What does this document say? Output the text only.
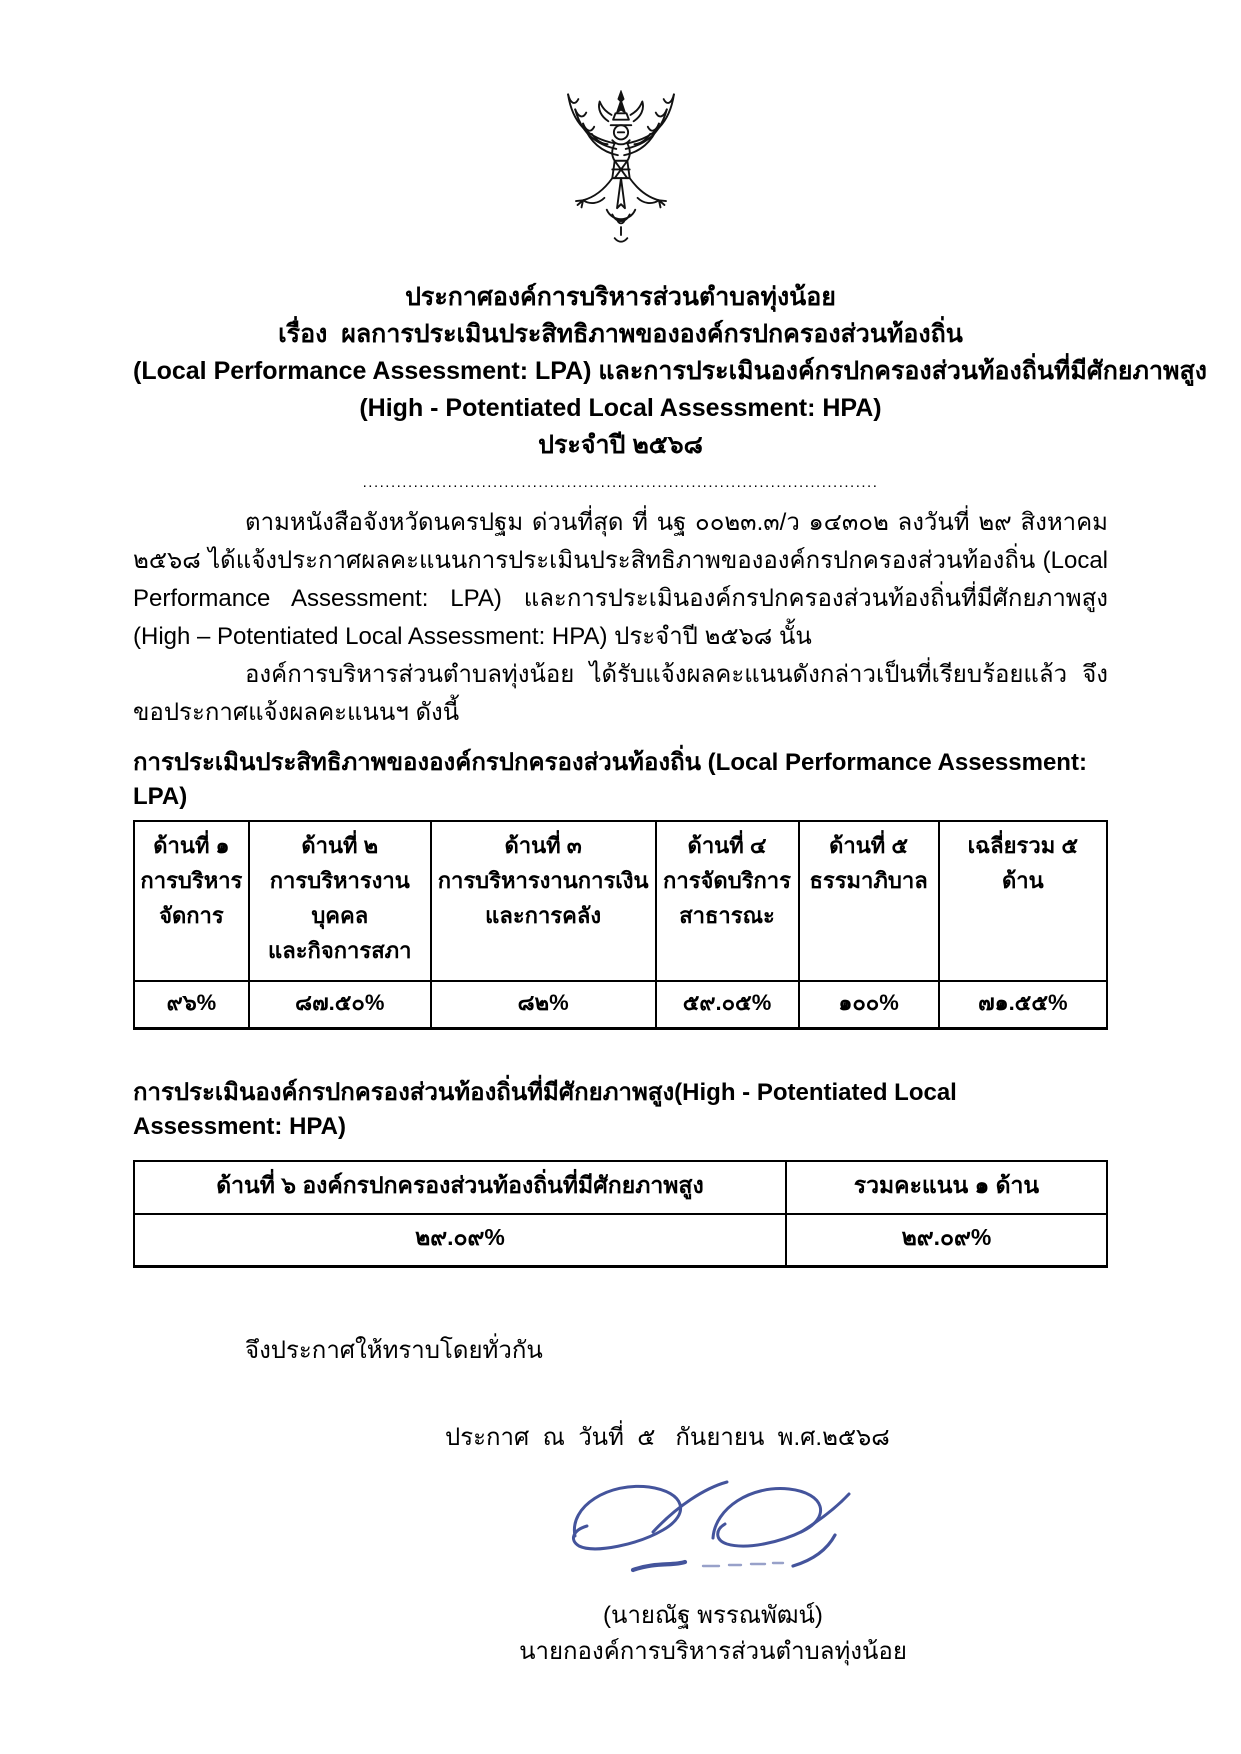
ประกาศองค์การบริหารส่วนตำบลทุ่งน้อย
เรื่อง  ผลการประเมินประสิทธิภาพขององค์กรปกครองส่วนท้องถิ่น
(Local Performance Assessment: LPA) และการประเมินองค์กรปกครองส่วนท้องถิ่นที่มีศักยภาพสูง
(High - Potentiated Local Assessment: HPA)
ประจำปี ๒๕๖๘
...........................................................................................

ตามหนังสือจังหวัดนครปฐม ด่วนที่สุด ที่ นฐ ๐๐๒๓.๓/ว ๑๔๓๐๒ ลงวันที่ ๒๙ สิงหาคม ๒๕๖๘ ได้แจ้งประกาศผลคะแนนการประเมินประสิทธิภาพขององค์กรปกครองส่วนท้องถิ่น (Local Performance Assessment: LPA) และการประเมินองค์กรปกครองส่วนท้องถิ่นที่มีศักยภาพสูง (High – Potentiated Local Assessment: HPA) ประจำปี ๒๕๖๘ นั้น

องค์การบริหารส่วนตำบลทุ่งน้อย ได้รับแจ้งผลคะแนนดังกล่าวเป็นที่เรียบร้อยแล้ว จึงขอประกาศแจ้งผลคะแนนฯ ดังนี้

การประเมินประสิทธิภาพขององค์กรปกครองส่วนท้องถิ่น (Local Performance Assessment: LPA)
ด้านที่ ๑
การบริหาร
จัดการ	ด้านที่ ๒
การบริหารงานบุคคล
และกิจการสภา	ด้านที่ ๓
การบริหารงานการเงิน
และการคลัง	ด้านที่ ๔
การจัดบริการ
สาธารณะ	ด้านที่ ๕
ธรรมาภิบาล	เฉลี่ยรวม ๕
ด้าน

๙๖%	๘๗.๕๐%	๘๒%	๕๙.๐๕%	๑๐๐%	๗๑.๕๕%
การประเมินองค์กรปกครองส่วนท้องถิ่นที่มีศักยภาพสูง(High - Potentiated Local Assessment: HPA)
ด้านที่ ๖ องค์กรปกครองส่วนท้องถิ่นที่มีศักยภาพสูง	รวมคะแนน ๑ ด้าน
๒๙.๐๙%	๒๙.๐๙%
จึงประกาศให้ทราบโดยทั่วกัน
ประกาศ  ณ  วันที่  ๕   กันยายน  พ.ศ.๒๕๖๘
(นายณัฐ พรรณพัฒน์)
นายกองค์การบริหารส่วนตำบลทุ่งน้อย
